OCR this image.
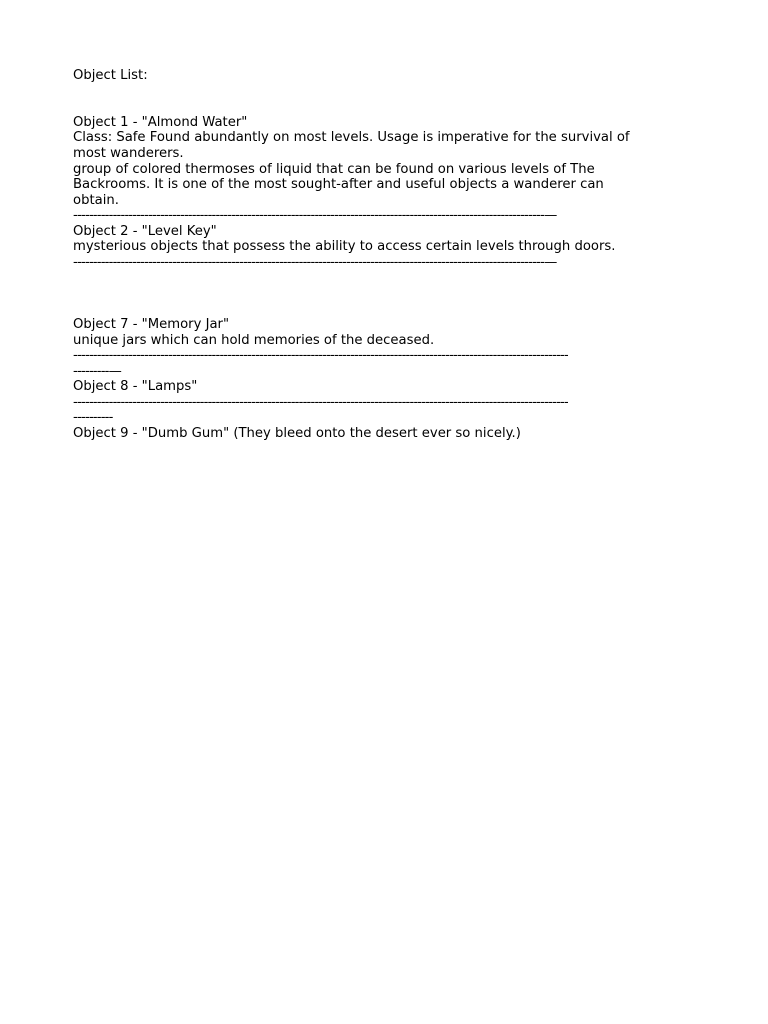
Object List:
Object 1 - "Almond Water"
Class: Safe Found abundantly on most levels. Usage is imperative for the survival of
most wanderers.
group of colored thermoses of liquid that can be found on various levels of The
Backrooms. It is one of the most sought-after and useful objects a wanderer can
obtain.
-----------------------------------------------------------------------------------------------------------------------—
Object 2 - "Level Key"
mysterious objects that possess the ability to access certain levels through doors.
-----------------------------------------------------------------------------------------------------------------------—
Object 7 - "Memory Jar"
unique jars which can hold memories of the deceased.
-----------------------------------------------------------------------------------------------------------------------------
---------—
Object 8 - "Lamps"
-----------------------------------------------------------------------------------------------------------------------------
----------
Object 9 - "Dumb Gum" (They bleed onto the desert ever so nicely.)
